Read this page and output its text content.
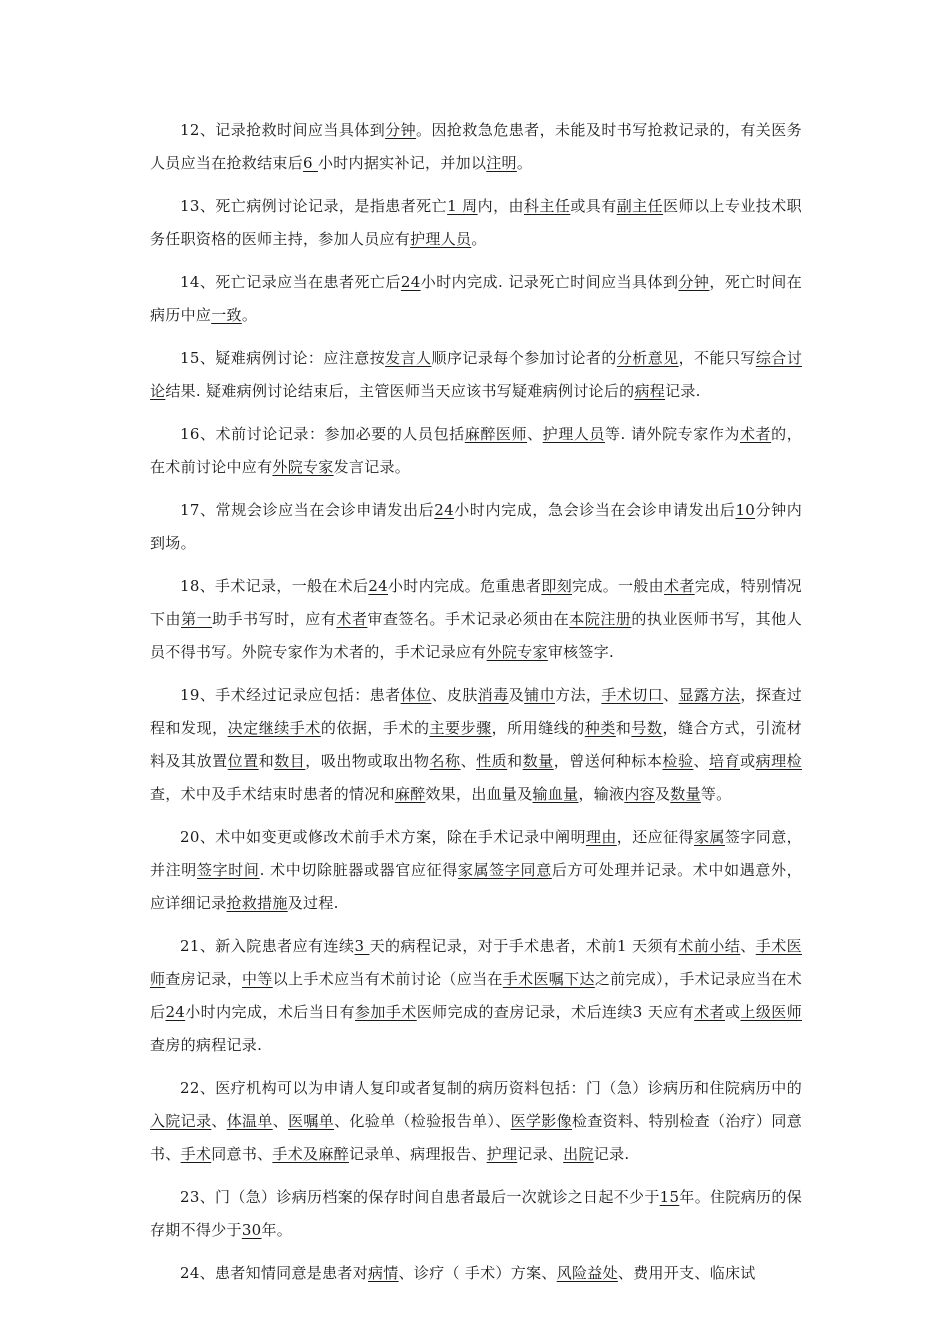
12、记录抢救时间应当具体到分钟。因抢救急危患者，未能及时书写抢救记录的，有关医务人员应当在抢救结束后6 小时内据实补记，并加以注明。

13、死亡病例讨论记录，是指患者死亡1 周内，由科主任或具有副主任医师以上专业技术职务任职资格的医师主持，参加人员应有护理人员。

14、死亡记录应当在患者死亡后24小时内完成. 记录死亡时间应当具体到分钟，死亡时间在病历中应一致。

15、疑难病例讨论：应注意按发言人顺序记录每个参加讨论者的分析意见，不能只写综合讨论结果. 疑难病例讨论结束后，主管医师当天应该书写疑难病例讨论后的病程记录.

16、术前讨论记录：参加必要的人员包括麻醉医师、护理人员等. 请外院专家作为术者的，在术前讨论中应有外院专家发言记录。

17、常规会诊应当在会诊申请发出后24小时内完成，急会诊当在会诊申请发出后10分钟内到场。

18、手术记录，一般在术后24小时内完成。危重患者即刻完成。一般由术者完成，特别情况下由第一助手书写时，应有术者审查签名。手术记录必须由在本院注册的执业医师书写，其他人员不得书写。外院专家作为术者的，手术记录应有外院专家审核签字.

19、手术经过记录应包括：患者体位、皮肤消毒及铺巾方法，手术切口、显露方法，探查过程和发现，决定继续手术的依据，手术的主要步骤，所用缝线的种类和号数，缝合方式，引流材料及其放置位置和数目，吸出物或取出物名称、性质和数量，曾送何种标本检验、培育或病理检查，术中及手术结束时患者的情况和麻醉效果，出血量及输血量，输液内容及数量等。

20、术中如变更或修改术前手术方案，除在手术记录中阐明理由，还应征得家属签字同意，并注明签字时间. 术中切除脏器或器官应征得家属签字同意后方可处理并记录。术中如遇意外，应详细记录抢救措施及过程.

21、新入院患者应有连续3 天的病程记录，对于手术患者，术前1 天须有术前小结、手术医师查房记录，中等以上手术应当有术前讨论（应当在手术医嘱下达之前完成），手术记录应当在术后24小时内完成，术后当日有参加手术医师完成的查房记录，术后连续3 天应有术者或上级医师查房的病程记录.

22、医疗机构可以为申请人复印或者复制的病历资料包括：门（急）诊病历和住院病历中的入院记录、体温单、医嘱单、化验单（检验报告单）、医学影像检查资料、特别检查（治疗）同意书、手术同意书、手术及麻醉记录单、病理报告、护理记录、出院记录.

23、门（急）诊病历档案的保存时间自患者最后一次就诊之日起不少于15年。住院病历的保存期不得少于30年。

24、患者知情同意是患者对病情、诊疗（ 手术）方案、风险益处、费用开支、临床试
